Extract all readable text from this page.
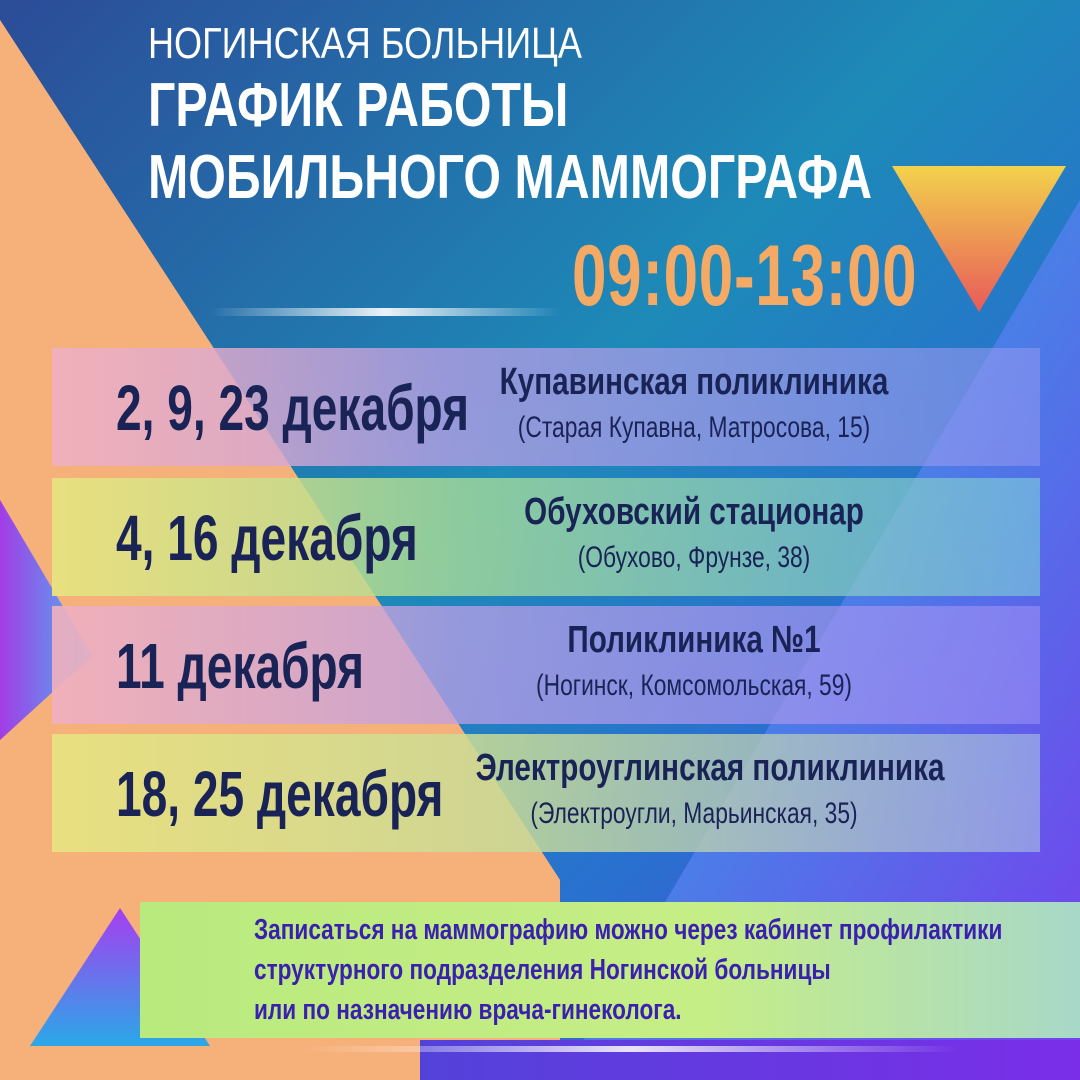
НОГИНСКАЯ БОЛЬНИЦА
ГРАФИК РАБОТЫ
МОБИЛЬНОГО МАММОГРАФА
09:00-13:00
2, 9, 23 декабря Купавинская поликлиника
(Старая Купавна, Матросова, 15)
4, 16 декабря	Обуховский стационар
(Обухово, Фрунзе, 38)
11 декабря	Поликлиника №1
(Ногинск, Комсомольская, 59)
18, 25 декабря Электроуглинская поликлиника
(Электроугли, Марьинская, 35)
Записаться на маммографию можно через кабинет профилактики
структурного подразделения Ногинской больницы
или по назначению врача-гинеколога.
